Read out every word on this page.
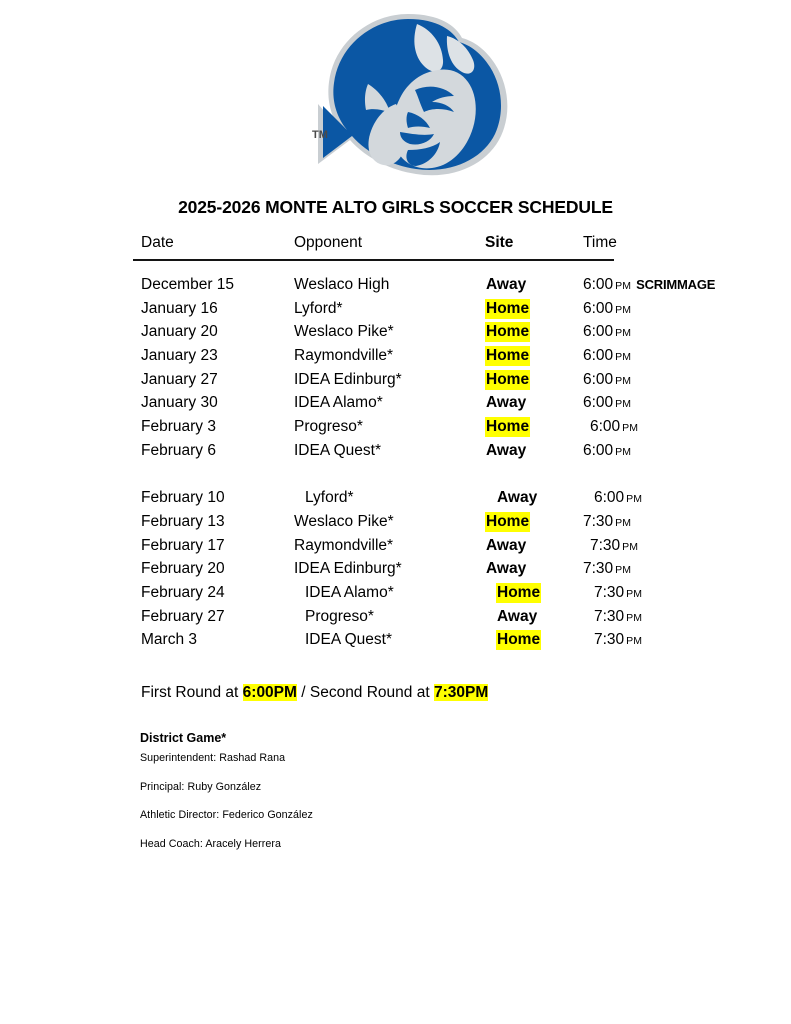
TM
2025-2026 MONTE ALTO GIRLS SOCCER SCHEDULE
Date	Opponent	Site	Time
December 15	Weslaco High	Away	6:00 PM SCRIMMAGE
January 16	Lyford*	Home	6:00 PM
January 20	Weslaco Pike*	Home	6:00 PM
January 23	Raymondville*	Home	6:00 PM
January 27	IDEA Edinburg*	Home	6:00 PM
January 30	IDEA Alamo*	Away	6:00 PM
February 3	Progreso*	Home	6:00 PM
February 6	IDEA Quest*	Away	6:00 PM
February 10	Lyford*	Away	6:00 PM
February 13	Weslaco Pike*	Home	7:30 PM
February 17	Raymondville*	Away	7:30 PM
February 20	IDEA Edinburg*	Away	7:30 PM
February 24	IDEA Alamo*	Home	7:30 PM
February 27	Progreso*	Away	7:30 PM
March 3	IDEA Quest*	Home	7:30 PM
First Round at 6:00PM / Second Round at 7:30PM
District Game*
Superintendent: Rashad Rana
Principal: Ruby González
Athletic Director: Federico González
Head Coach: Aracely Herrera
